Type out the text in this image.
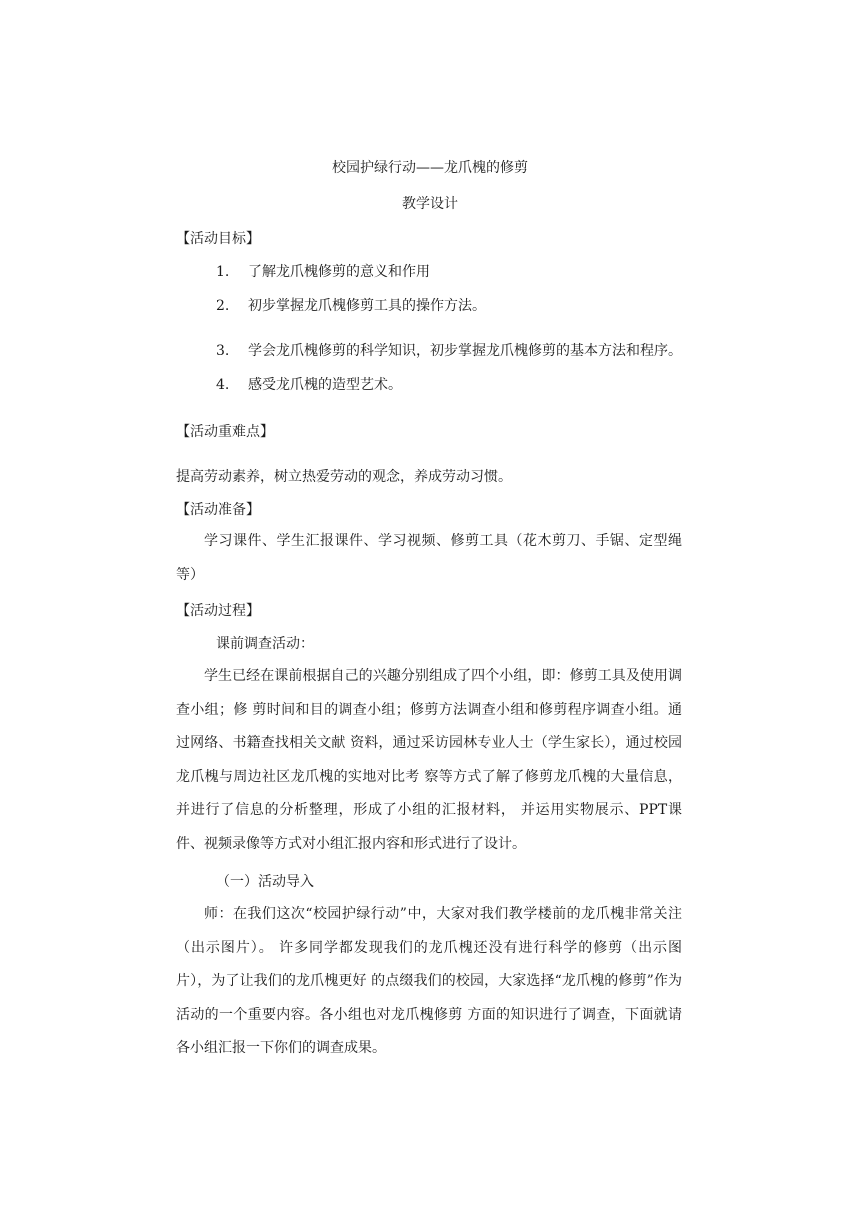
校园护绿行动——龙爪槐的修剪
教学设计
【活动目标】
1. 了解龙爪槐修剪的意义和作用
2. 初步掌握龙爪槐修剪工具的操作方法。
3. 学会龙爪槐修剪的科学知识，初步掌握龙爪槐修剪的基本方法和程序。
4. 感受龙爪槐的造型艺术。
【活动重难点】
提高劳动素养，树立热爱劳动的观念，养成劳动习惯。
【活动准备】
学习课件、学生汇报课件、学习视频、修剪工具（花木剪刀、手锯、定型绳等）
【活动过程】
课前调查活动：
学生已经在课前根据自己的兴趣分别组成了四个小组，即：修剪工具及使用调查小组；修 剪时间和目的调查小组；修剪方法调查小组和修剪程序调查小组。通过网络、书籍查找相关文献 资料，通过采访园林专业人士（学生家长），通过校园龙爪槐与周边社区龙爪槐的实地对比考 察等方式了解了修剪龙爪槐的大量信息，并进行了信息的分析整理，形成了小组的汇报材料， 并运用实物展示、PPT课件、视频录像等方式对小组汇报内容和形式进行了设计。
（一）活动导入
师：在我们这次“校园护绿行动”中，大家对我们教学楼前的龙爪槐非常关注（出示图片）。 许多同学都发现我们的龙爪槐还没有进行科学的修剪（出示图片），为了让我们的龙爪槐更好 的点缀我们的校园，大家选择“龙爪槐的修剪”作为活动的一个重要内容。各小组也对龙爪槐修剪 方面的知识进行了调查，下面就请各小组汇报一下你们的调查成果。
